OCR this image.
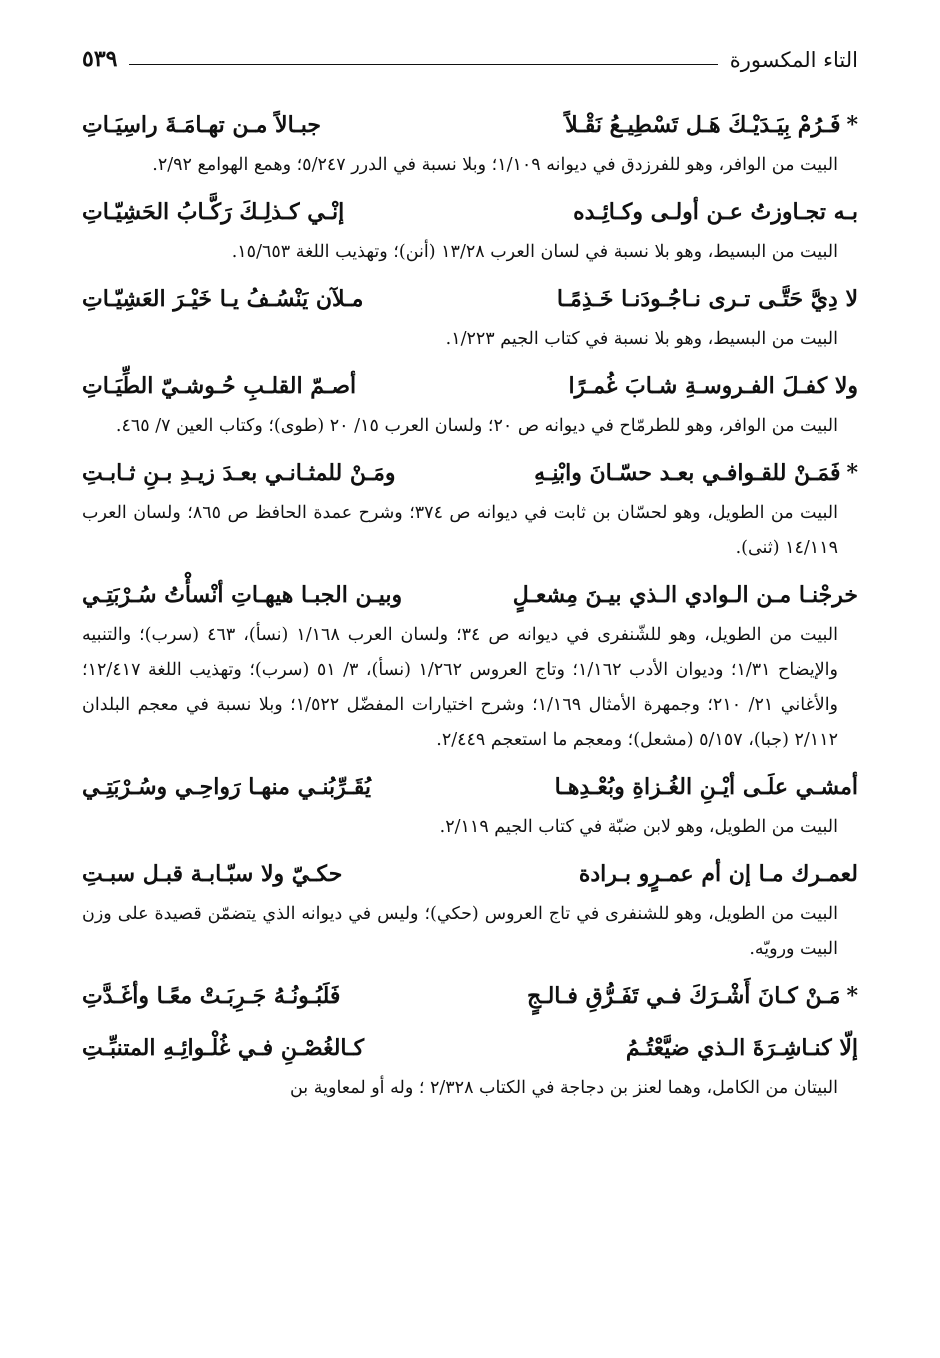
التاء المكسورة
٥٣٩
*فَـرُمْ بِيَـدَيْـكَ هَـل تَسْطِيـعُ نَقْـلاً
جبـالاً مـن تهـامَـةَ راسِيَـاتِ
البيت من الوافر، وهو للفرزدق في ديوانه ١/١٠٩؛ وبلا نسبة في الدرر ٥/٢٤٧؛ وهمع الهوامع ٢/٩٢.
بـه تجـاوزتُ عـن أولـى وكـائِـده
إنْـي كـذلِـكَ رَكَّـابُ الحَشِيّـاتِ
البيت من البسيط، وهو بلا نسبة في لسان العرب ١٣/٢٨ (أنن)؛ وتهذيب اللغة ١٥/٦٥٣.
لا دِيَّ حَتَّـى تـرى نـاجُـودَنـا خَـذِمًـا
مـلآن يَنْسُـفُ يـا خَيْـرَ العَشِيّـاتِ
البيت من البسيط، وهو بلا نسبة في كتاب الجيم ١/٢٢٣.
ولا كفـلَ الفـروسـةِ شـابَ غُمـرًا
أصـمّ القلـبِ حُـوشـيّ الطِّيَـاتِ
البيت من الوافر، وهو للطرمّاح في ديوانه ص ٢٠؛ ولسان العرب ١٥/ ٢٠ (طوى)؛ وكتاب العين ٧/ ٤٦٥.
*فَمَـنْ للقـوافـي بعـد حسّـانَ وابْنِـهِ
ومَـنْ للمثـانـي بعـدَ زيـدِ بـنِ ثـابـتِ
البيت من الطويل، وهو لحسّان بن ثابت في ديوانه ص ٣٧٤؛ وشرح عمدة الحافظ ص ٨٦٥؛ ولسان العرب ١٤/١١٩ (ثنى).
خرجْنـا مـن الـوادي الـذي بيـنَ مِشعـلٍ
وبيـن الجبـا هيهـاتِ أنْسأْتُ سُـرْبَتِـي
البيت من الطويل، وهو للشّنفرى في ديوانه ص ٣٤؛ ولسان العرب ١/١٦٨ (نسأ)، ٤٦٣ (سرب)؛ والتنبيه والإيضاح ١/٣١؛ وديوان الأدب ١/١٦٢؛ وتاج العروس ١/٢٦٢ (نسأ)، ٣/ ٥١ (سرب)؛ وتهذيب اللغة ١٢/٤١٧؛ والأغاني ٢١/ ٢١٠؛ وجمهرة الأمثال ١/١٦٩؛ وشرح اختيارات المفضّل ١/٥٢٢؛ وبلا نسبة في معجم البلدان ٢/١١٢ (جبا)، ٥/١٥٧ (مشعل)؛ ومعجم ما استعجم ٢/٤٤٩.
أمشـي علَـى أيْـنِ الغُـزاةِ وبُعْـدِهـا
يُقَـرِّبُنـي منهـا رَواحِـي وسُـرْبَتِـي
البيت من الطويل، وهو لابن ضبّة في كتاب الجيم ٢/١١٩.
لعمـرك مـا إن أم عمـرٍو بـرادة
حكـيّ ولا سبّـابـة قبـل سبـتِ
البيت من الطويل، وهو للشنفرى في تاج العروس (حكي)؛ وليس في ديوانه الذي يتضمّن قصيدة على وزن البيت ورويّه.
*مَـنْ كـانَ أَشْـرَكَ فـي تَفَـرُّقِ فـالـجٍ
فَلَبُـونُـهُ جَـرِبَـتْ معًـا وأغَـدَّتِ
إلّا كنـاشِـرَةَ الـذي ضيَّعْتُـمُ
كـالغُصْـنِ فـي غُلْـوائِـهِ المتنبِّـتِ
البيتان من الكامل، وهما لعنز بن دجاجة في الكتاب ٢/٣٢٨ ؛ وله أو لمعاوية بن
